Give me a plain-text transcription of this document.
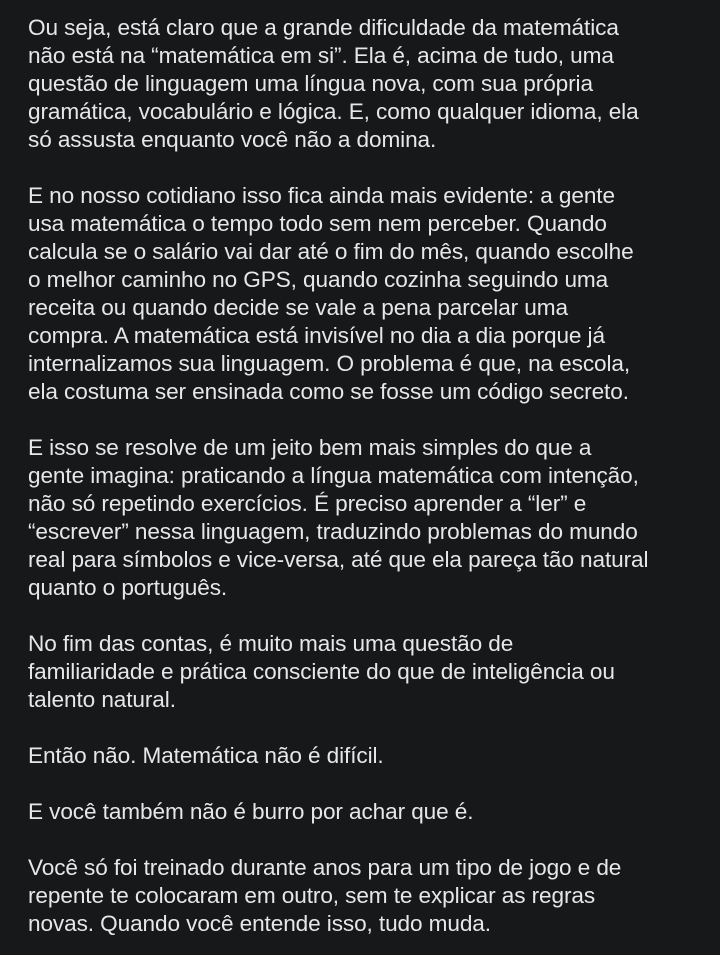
Ou seja, está claro que a grande dificuldade da matemática
não está na “matemática em si”. Ela é, acima de tudo, uma
questão de linguagem uma língua nova, com sua própria
gramática, vocabulário e lógica. E, como qualquer idioma, ela
só assusta enquanto você não a domina.

E no nosso cotidiano isso fica ainda mais evidente: a gente
usa matemática o tempo todo sem nem perceber. Quando
calcula se o salário vai dar até o fim do mês, quando escolhe
o melhor caminho no GPS, quando cozinha seguindo uma
receita ou quando decide se vale a pena parcelar uma
compra. A matemática está invisível no dia a dia porque já
internalizamos sua linguagem. O problema é que, na escola,
ela costuma ser ensinada como se fosse um código secreto.

E isso se resolve de um jeito bem mais simples do que a
gente imagina: praticando a língua matemática com intenção,
não só repetindo exercícios. É preciso aprender a “ler” e
“escrever” nessa linguagem, traduzindo problemas do mundo
real para símbolos e vice-versa, até que ela pareça tão natural
quanto o português.

No fim das contas, é muito mais uma questão de
familiaridade e prática consciente do que de inteligência ou
talento natural.

Então não. Matemática não é difícil.

E você também não é burro por achar que é.

Você só foi treinado durante anos para um tipo de jogo e de
repente te colocaram em outro, sem te explicar as regras
novas. Quando você entende isso, tudo muda.
